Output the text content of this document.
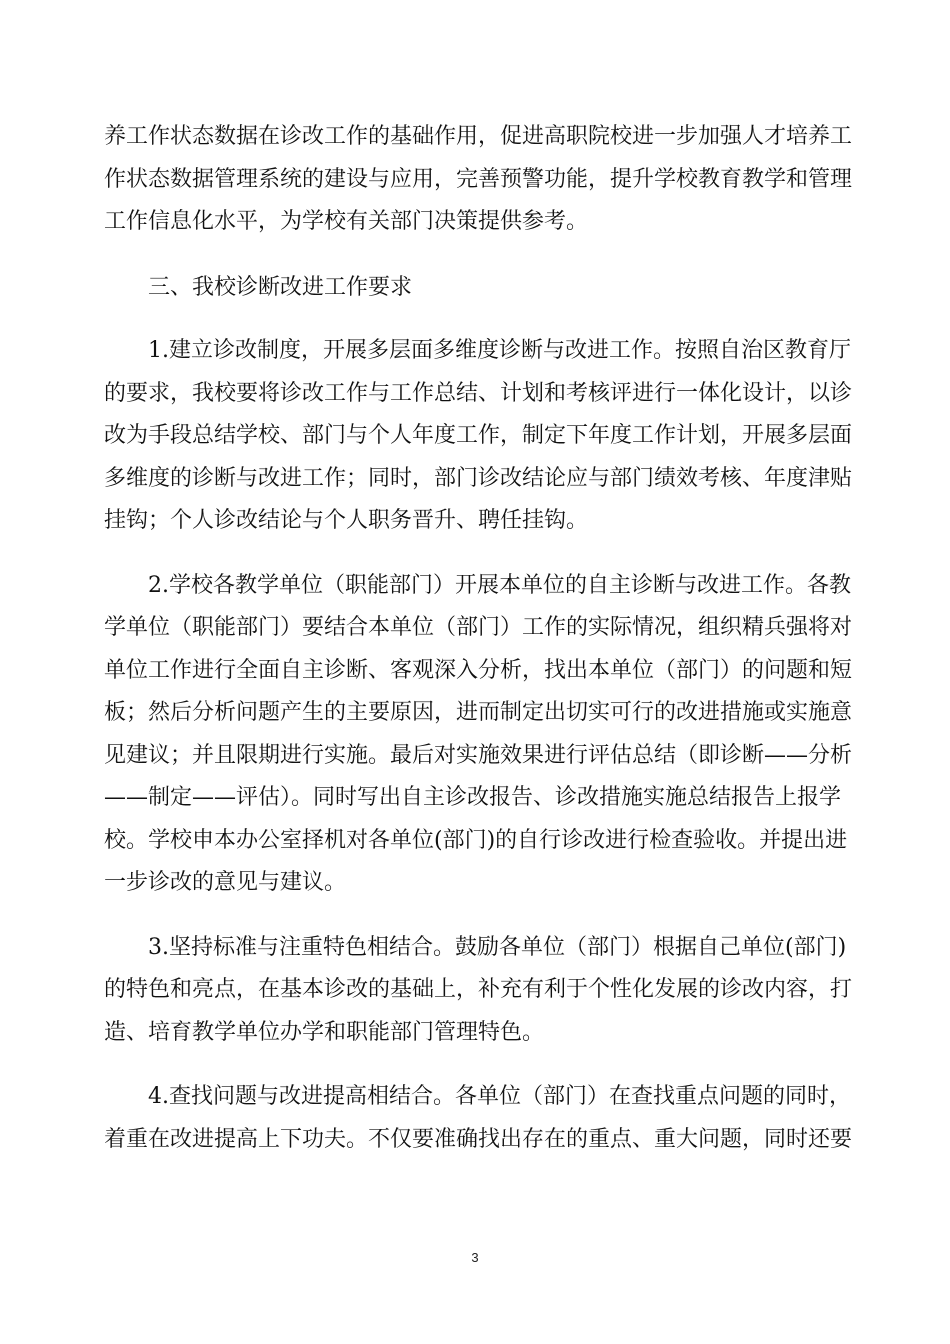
养工作状态数据在诊改工作的基础作用，促进高职院校进一步加强人才培养工
作状态数据管理系统的建设与应用，完善预警功能，提升学校教育教学和管理
工作信息化水平，为学校有关部门决策提供参考。

三、我校诊断改进工作要求

1.建立诊改制度，开展多层面多维度诊断与改进工作。按照自治区教育厅
的要求，我校要将诊改工作与工作总结、计划和考核评进行一体化设计，以诊
改为手段总结学校、部门与个人年度工作，制定下年度工作计划，开展多层面
多维度的诊断与改进工作；同时，部门诊改结论应与部门绩效考核、年度津贴
挂钩；个人诊改结论与个人职务晋升、聘任挂钩。

2.学校各教学单位（职能部门）开展本单位的自主诊断与改进工作。各教
学单位（职能部门）要结合本单位（部门）工作的实际情况，组织精兵强将对
单位工作进行全面自主诊断、客观深入分析，找出本单位（部门）的问题和短
板；然后分析问题产生的主要原因，进而制定出切实可行的改进措施或实施意
见建议；并且限期进行实施。最后对实施效果进行评估总结（即诊断——分析
——制定——评估）。同时写出自主诊改报告、诊改措施实施总结报告上报学
校。学校申本办公室择机对各单位(部门)的自行诊改进行检查验收。并提出进
一步诊改的意见与建议。

3.坚持标准与注重特色相结合。鼓励各单位（部门）根据自己单位(部门)
的特色和亮点，在基本诊改的基础上，补充有利于个性化发展的诊改内容，打
造、培育教学单位办学和职能部门管理特色。

4.查找问题与改进提高相结合。各单位（部门）在查找重点问题的同时，
着重在改进提高上下功夫。不仅要准确找出存在的重点、重大问题，同时还要

3
